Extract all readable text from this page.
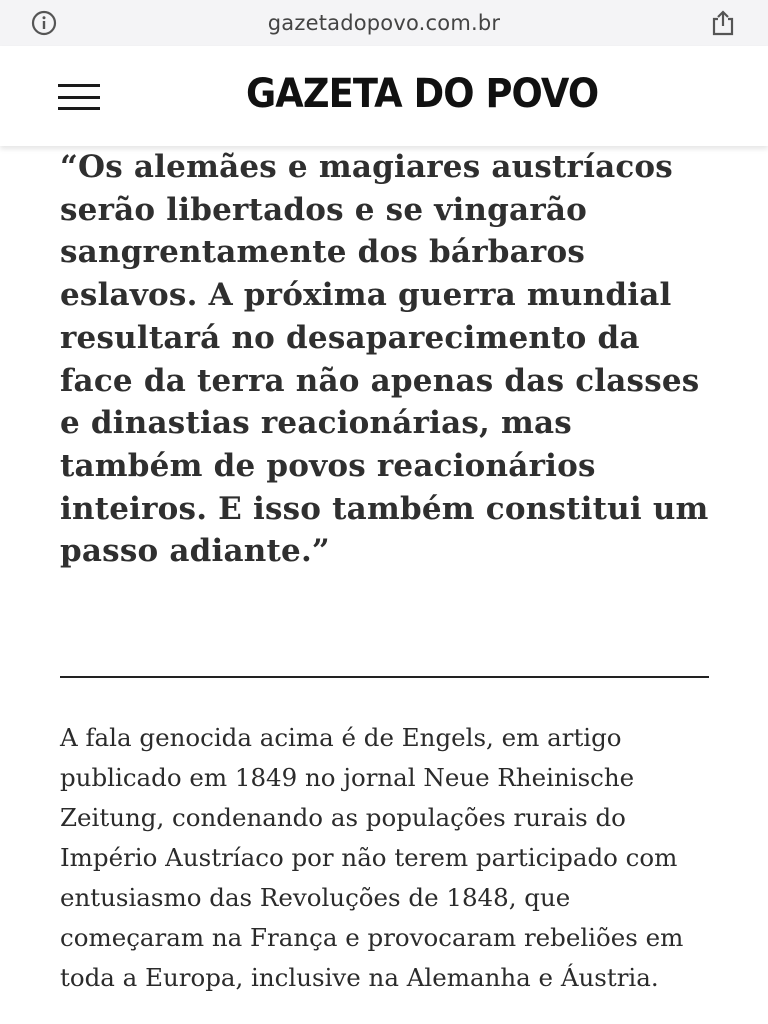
gazetadopovo.com.br
GAZETA DO POVO

“Os alemães e magiares austríacos serão libertados e se vingarão sangrentamente dos bárbaros eslavos. A próxima guerra mundial resultará no desaparecimento da face da terra não apenas das classes e dinastias reacionárias, mas também de povos reacionários inteiros. E isso também constitui um passo adiante.”

A fala genocida acima é de Engels, em artigo publicado em 1849 no jornal Neue Rheinische Zeitung, condenando as populações rurais do Império Austríaco por não terem participado com entusiasmo das Revoluções de 1848, que começaram na França e provocaram rebeliões em toda a Europa, inclusive na Alemanha e Áustria.
